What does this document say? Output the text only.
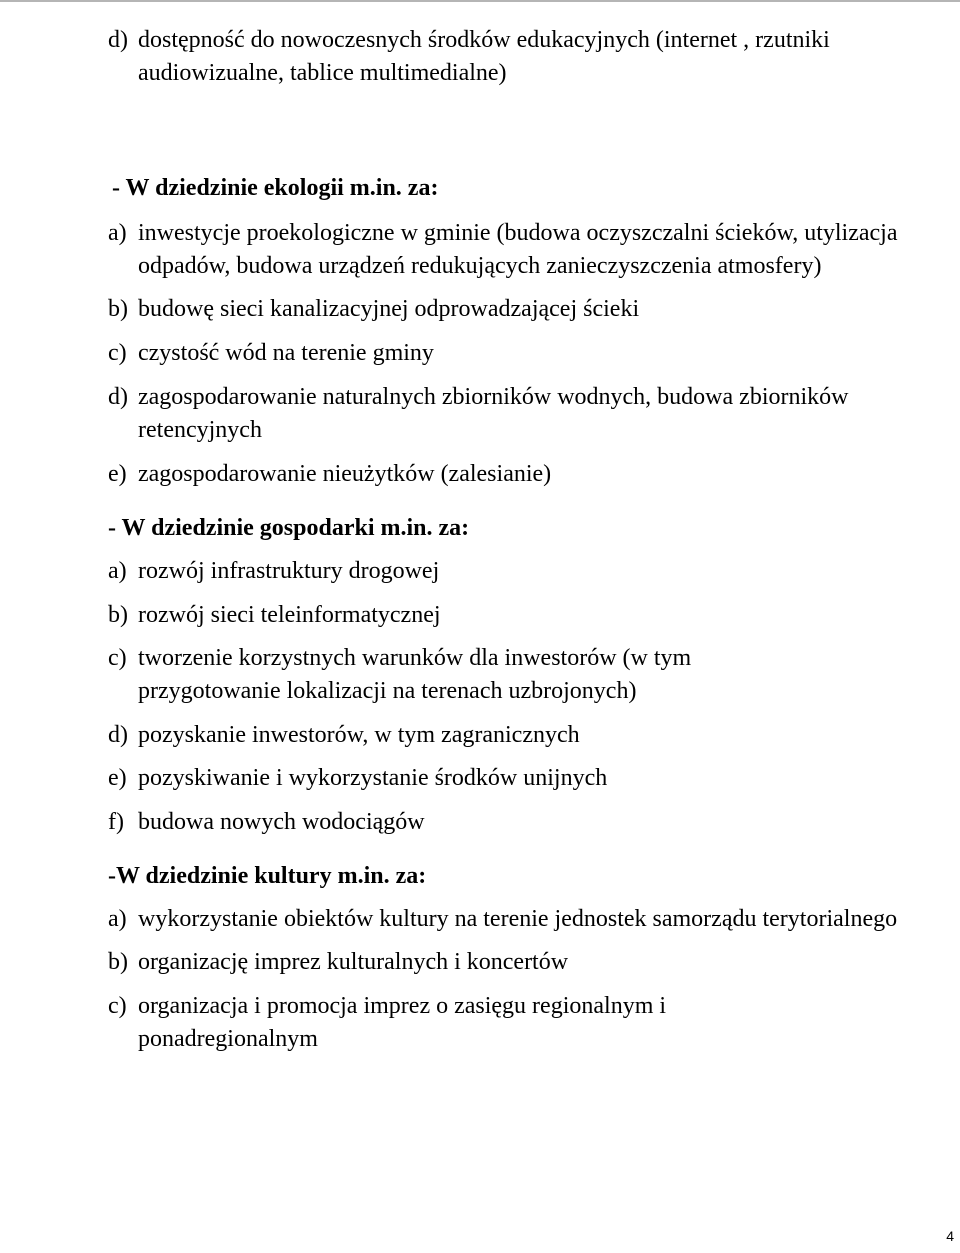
d) dostępność do nowoczesnych środków edukacyjnych (internet , rzutniki audiowizualne, tablice multimedialne)
- W dziedzinie ekologii m.in. za:
a) inwestycje proekologiczne w gminie (budowa oczyszczalni ścieków, utylizacja odpadów, budowa urządzeń redukujących zanieczyszczenia atmosfery)
b) budowę sieci kanalizacyjnej odprowadzającej ścieki
c) czystość wód na terenie gminy
d) zagospodarowanie naturalnych zbiorników wodnych, budowa zbiorników retencyjnych
e) zagospodarowanie nieużytków (zalesianie)
- W dziedzinie gospodarki m.in. za:
a) rozwój infrastruktury drogowej
b) rozwój sieci teleinformatycznej
c) tworzenie korzystnych warunków dla inwestorów (w tym przygotowanie lokalizacji na terenach uzbrojonych)
d) pozyskanie inwestorów, w tym zagranicznych
e) pozyskiwanie i wykorzystanie środków unijnych
f) budowa nowych wodociągów
-W dziedzinie kultury m.in. za:
a) wykorzystanie obiektów kultury na terenie jednostek samorządu terytorialnego
b) organizację imprez kulturalnych i koncertów
c) organizacja i promocja imprez o zasięgu regionalnym i ponadregionalnym
4
